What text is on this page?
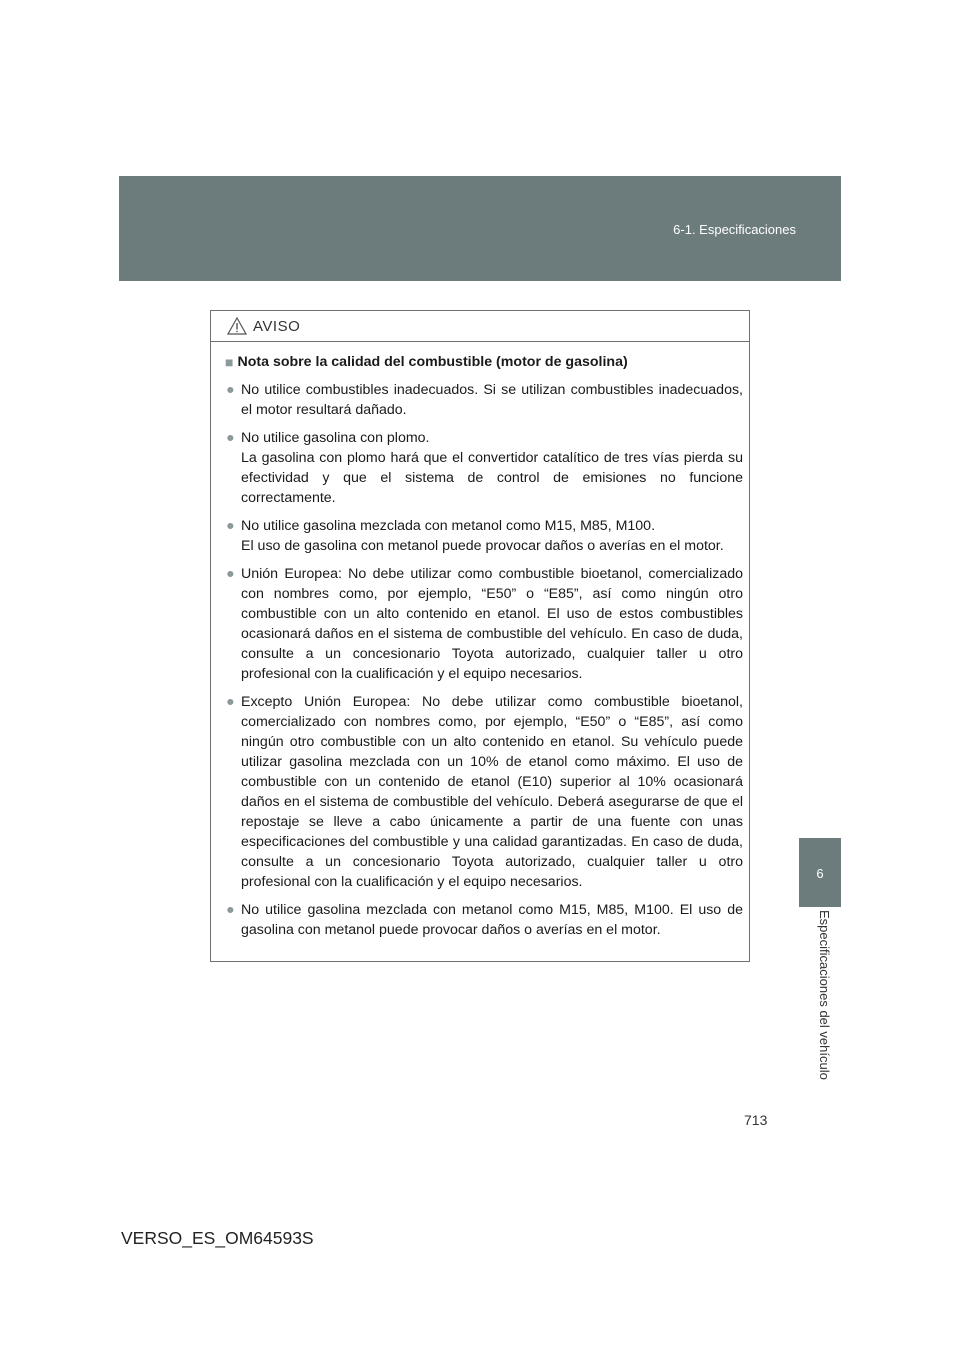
6-1. Especificaciones
6
Especificaciones del vehículo
AVISO
■ Nota sobre la calidad del combustible (motor de gasolina)
● No utilice combustibles inadecuados. Si se utilizan combustibles inadecuados, el motor resultará dañado.
● No utilice gasolina con plomo.
La gasolina con plomo hará que el convertidor catalítico de tres vías pierda su efectividad y que el sistema de control de emisiones no funcione correctamente.
● No utilice gasolina mezclada con metanol como M15, M85, M100.
El uso de gasolina con metanol puede provocar daños o averías en el motor.
● Unión Europea: No debe utilizar como combustible bioetanol, comercializado con nombres como, por ejemplo, “E50” o “E85”, así como ningún otro combustible con un alto contenido en etanol. El uso de estos combustibles ocasionará daños en el sistema de combustible del vehículo. En caso de duda, consulte a un concesionario Toyota autorizado, cualquier taller u otro profesional con la cualificación y el equipo necesarios.
● Excepto Unión Europea: No debe utilizar como combustible bioetanol, comercializado con nombres como, por ejemplo, “E50” o “E85”, así como ningún otro combustible con un alto contenido en etanol. Su vehículo puede utilizar gasolina mezclada con un 10% de etanol como máximo. El uso de combustible con un contenido de etanol (E10) superior al 10% ocasionará daños en el sistema de combustible del vehículo. Deberá asegurarse de que el repostaje se lleve a cabo únicamente a partir de una fuente con unas especificaciones del combustible y una calidad garantizadas. En caso de duda, consulte a un concesionario Toyota autorizado, cualquier taller u otro profesional con la cualificación y el equipo necesarios.
● No utilice gasolina mezclada con metanol como M15, M85, M100. El uso de gasolina con metanol puede provocar daños o averías en el motor.
713
VERSO_ES_OM64593S
